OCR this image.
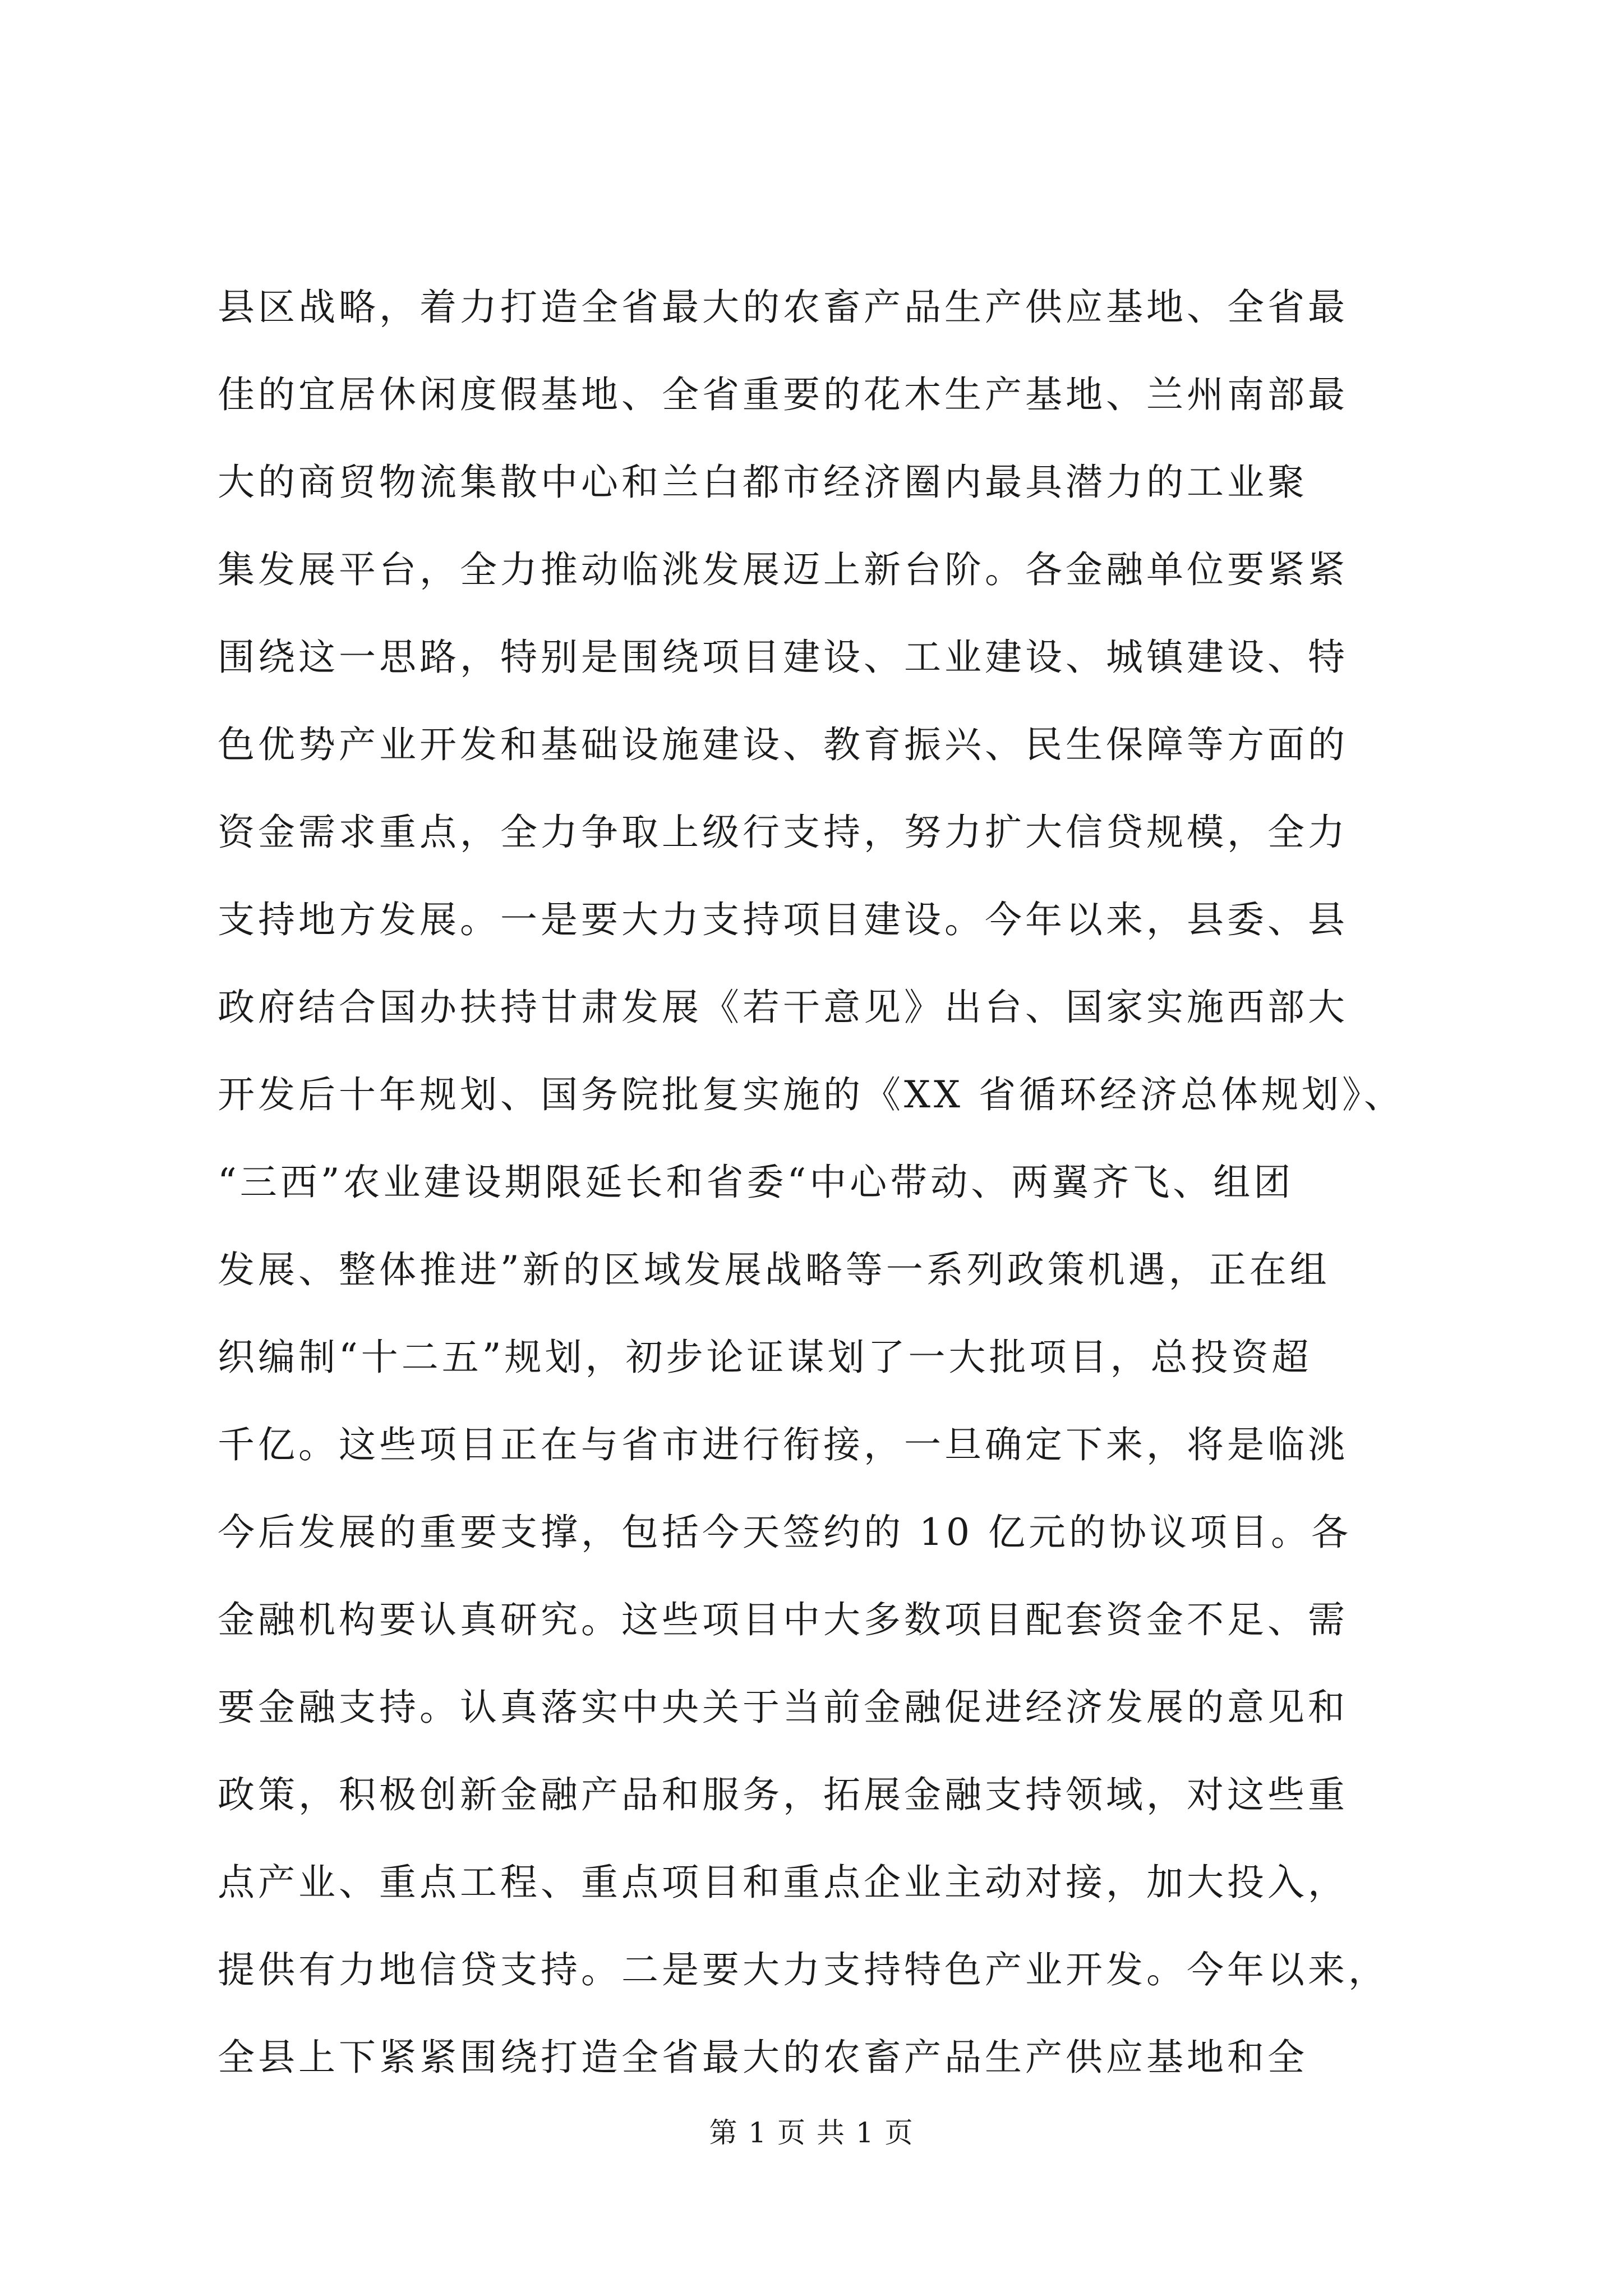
县区战略，着力打造全省最大的农畜产品生产供应基地、全省最
佳的宜居休闲度假基地、全省重要的花木生产基地、兰州南部最
大的商贸物流集散中心和兰白都市经济圈内最具潜力的工业聚
集发展平台，全力推动临洮发展迈上新台阶。各金融单位要紧紧
围绕这一思路，特别是围绕项目建设、工业建设、城镇建设、特
色优势产业开发和基础设施建设、教育振兴、民生保障等方面的
资金需求重点，全力争取上级行支持，努力扩大信贷规模，全力
支持地方发展。一是要大力支持项目建设。今年以来，县委、县
政府结合国办扶持甘肃发展《若干意见》出台、国家实施西部大
开发后十年规划、国务院批复实施的《XX 省循环经济总体规划》、
“三西”农业建设期限延长和省委“中心带动、两翼齐飞、组团
发展、整体推进”新的区域发展战略等一系列政策机遇，正在组
织编制“十二五”规划，初步论证谋划了一大批项目，总投资超
千亿。这些项目正在与省市进行衔接，一旦确定下来，将是临洮
今后发展的重要支撑，包括今天签约的 10 亿元的协议项目。各
金融机构要认真研究。这些项目中大多数项目配套资金不足、需
要金融支持。认真落实中央关于当前金融促进经济发展的意见和
政策，积极创新金融产品和服务，拓展金融支持领域，对这些重
点产业、重点工程、重点项目和重点企业主动对接，加大投入，
提供有力地信贷支持。二是要大力支持特色产业开发。今年以来，
全县上下紧紧围绕打造全省最大的农畜产品生产供应基地和全
第 1 页 共 1 页
